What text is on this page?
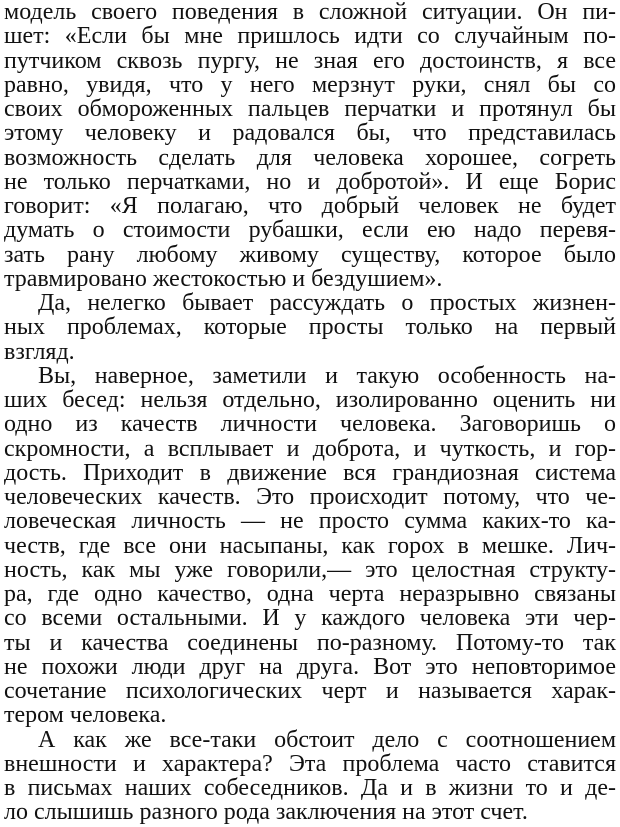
модель своего поведения в сложной ситуации. Он пи-
шет: «Если бы мне пришлось идти со случайным по-
путчиком сквозь пургу, не зная его достоинств, я все
равно, увидя, что у него мерзнут руки, снял бы со
своих обмороженных пальцев перчатки и протянул бы
этому человеку и радовался бы, что представилась
возможность сделать для человека хорошее, согреть
не только перчатками, но и добротой». И еще Борис
говорит: «Я полагаю, что добрый человек не будет
думать о стоимости рубашки, если ею надо перевя-
зать рану любому живому существу, которое было
травмировано жестокостью и бездушием».
Да, нелегко бывает рассуждать о простых жизнен-
ных проблемах, которые просты только на первый
взгляд.
Вы, наверное, заметили и такую особенность на-
ших бесед: нельзя отдельно, изолированно оценить ни
одно из качеств личности человека. Заговоришь о
скромности, а всплывает и доброта, и чуткость, и гор-
дость. Приходит в движение вся грандиозная система
человеческих качеств. Это происходит потому, что че-
ловеческая личность — не просто сумма каких-то ка-
честв, где все они насыпаны, как горох в мешке. Лич-
ность, как мы уже говорили,— это целостная структу-
ра, где одно качество, одна черта неразрывно связаны
со всеми остальными. И у каждого человека эти чер-
ты и качества соединены по-разному. Потому-то так
не похожи люди друг на друга. Вот это неповторимое
сочетание психологических черт и называется харак-
тером человека.
А как же все-таки обстоит дело с соотношением
внешности и характера? Эта проблема часто ставится
в письмах наших собеседников. Да и в жизни то и де-
ло слышишь разного рода заключения на этот счет.
